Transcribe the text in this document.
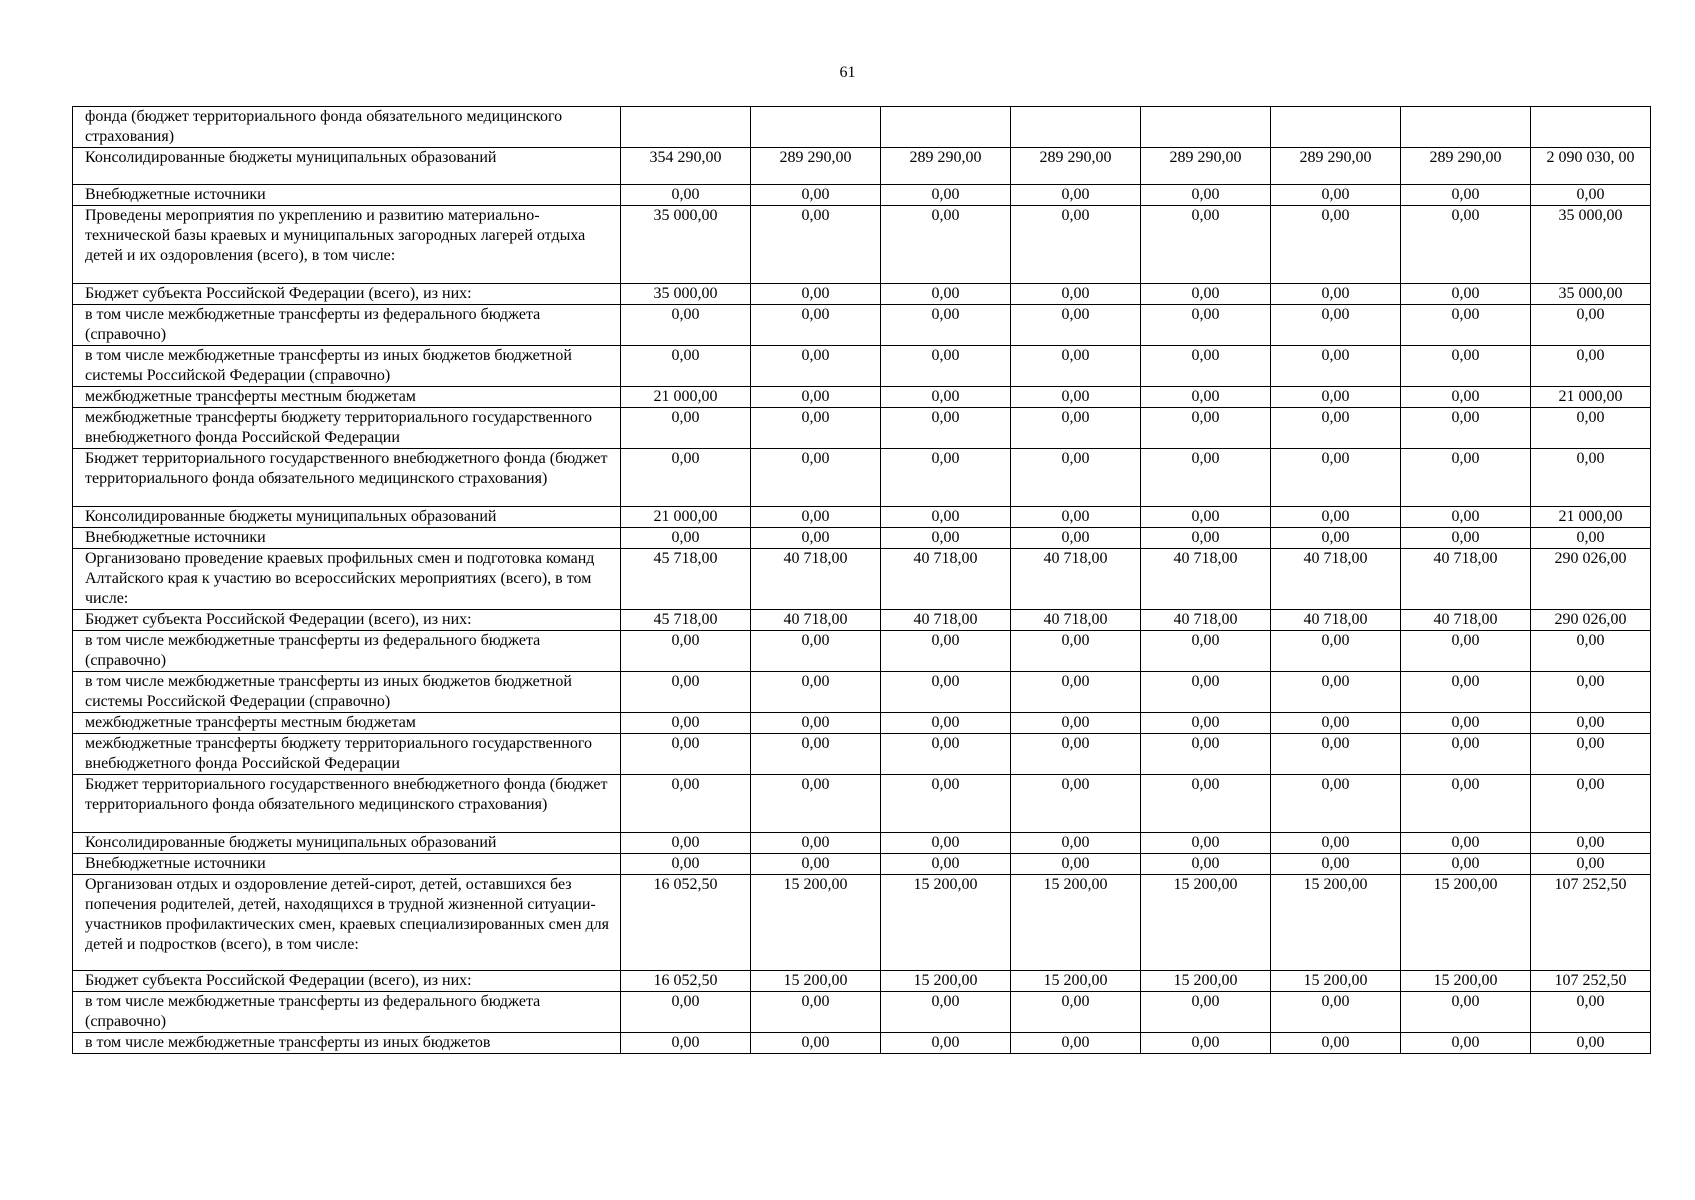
61
фонда (бюджет территориального фонда обязательного медицинского страхования)								
Консолидированные бюджеты муниципальных образований	354 290,00	289 290,00	289 290,00	289 290,00	289 290,00	289 290,00	289 290,00	2 090 030, 00
Внебюджетные источники	0,00	0,00	0,00	0,00	0,00	0,00	0,00	0,00
Проведены мероприятия по укреплению и развитию материально-технической базы краевых и муниципальных загородных лагерей отдыха детей и их оздоровления (всего), в том числе:	35 000,00	0,00	0,00	0,00	0,00	0,00	0,00	35 000,00
Бюджет субъекта Российской Федерации (всего), из них:	35 000,00	0,00	0,00	0,00	0,00	0,00	0,00	35 000,00
в том числе межбюджетные трансферты из федерального бюджета (справочно)	0,00	0,00	0,00	0,00	0,00	0,00	0,00	0,00
в том числе межбюджетные трансферты из иных бюджетов бюджетной системы Российской Федерации (справочно)	0,00	0,00	0,00	0,00	0,00	0,00	0,00	0,00
межбюджетные трансферты местным бюджетам	21 000,00	0,00	0,00	0,00	0,00	0,00	0,00	21 000,00
межбюджетные трансферты бюджету территориального государственного внебюджетного фонда Российской Федерации	0,00	0,00	0,00	0,00	0,00	0,00	0,00	0,00
Бюджет территориального государственного внебюджетного фонда (бюджет территориального фонда обязательного медицинского страхования)	0,00	0,00	0,00	0,00	0,00	0,00	0,00	0,00
Консолидированные бюджеты муниципальных образований	21 000,00	0,00	0,00	0,00	0,00	0,00	0,00	21 000,00
Внебюджетные источники	0,00	0,00	0,00	0,00	0,00	0,00	0,00	0,00
Организовано проведение краевых профильных смен и подготовка команд Алтайского края к участию во всероссийских мероприятиях (всего), в том числе:	45 718,00	40 718,00	40 718,00	40 718,00	40 718,00	40 718,00	40 718,00	290 026,00
Бюджет субъекта Российской Федерации (всего), из них:	45 718,00	40 718,00	40 718,00	40 718,00	40 718,00	40 718,00	40 718,00	290 026,00
в том числе межбюджетные трансферты из федерального бюджета (справочно)	0,00	0,00	0,00	0,00	0,00	0,00	0,00	0,00
в том числе межбюджетные трансферты из иных бюджетов бюджетной системы Российской Федерации (справочно)	0,00	0,00	0,00	0,00	0,00	0,00	0,00	0,00
межбюджетные трансферты местным бюджетам	0,00	0,00	0,00	0,00	0,00	0,00	0,00	0,00
межбюджетные трансферты бюджету территориального государственного внебюджетного фонда Российской Федерации	0,00	0,00	0,00	0,00	0,00	0,00	0,00	0,00
Бюджет территориального государственного внебюджетного фонда (бюджет территориального фонда обязательного медицинского страхования)	0,00	0,00	0,00	0,00	0,00	0,00	0,00	0,00
Консолидированные бюджеты муниципальных образований	0,00	0,00	0,00	0,00	0,00	0,00	0,00	0,00
Внебюджетные источники	0,00	0,00	0,00	0,00	0,00	0,00	0,00	0,00
Организован отдых и оздоровление детей-сирот, детей, оставшихся без попечения родителей, детей, находящихся в трудной жизненной ситуации-участников профилактических смен, краевых специализированных смен для детей и подростков (всего), в том числе:	16 052,50	15 200,00	15 200,00	15 200,00	15 200,00	15 200,00	15 200,00	107 252,50
Бюджет субъекта Российской Федерации (всего), из них:	16 052,50	15 200,00	15 200,00	15 200,00	15 200,00	15 200,00	15 200,00	107 252,50
в том числе межбюджетные трансферты из федерального бюджета (справочно)	0,00	0,00	0,00	0,00	0,00	0,00	0,00	0,00
в том числе межбюджетные трансферты из иных бюджетов	0,00	0,00	0,00	0,00	0,00	0,00	0,00	0,00
